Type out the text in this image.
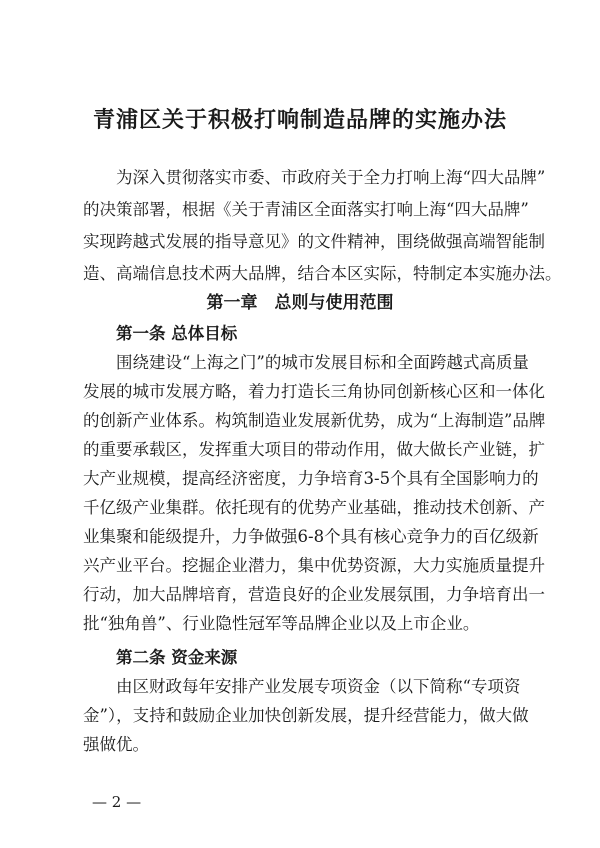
青浦区关于积极打响制造品牌的实施办法
为深入贯彻落实市委、市政府关于全力打响上海“四大品牌”
的决策部署，根据《关于青浦区全面落实打响上海“四大品牌”
实现跨越式发展的指导意见》的文件精神，围绕做强高端智能制
造、高端信息技术两大品牌，结合本区实际，特制定本实施办法。
第一章　总则与使用范围
第一条 总体目标
围绕建设“上海之门”的城市发展目标和全面跨越式高质量
发展的城市发展方略，着力打造长三角协同创新核心区和一体化
的创新产业体系。构筑制造业发展新优势，成为“上海制造”品牌
的重要承载区，发挥重大项目的带动作用，做大做长产业链，扩
大产业规模，提高经济密度，力争培育3-5个具有全国影响力的
千亿级产业集群。依托现有的优势产业基础，推动技术创新、产
业集聚和能级提升，力争做强6-8个具有核心竞争力的百亿级新
兴产业平台。挖掘企业潜力，集中优势资源，大力实施质量提升
行动，加大品牌培育，营造良好的企业发展氛围，力争培育出一
批“独角兽”、行业隐性冠军等品牌企业以及上市企业。
第二条 资金来源
由区财政每年安排产业发展专项资金（以下简称“专项资
金”），支持和鼓励企业加快创新发展，提升经营能力，做大做
强做优。
— 2 —
